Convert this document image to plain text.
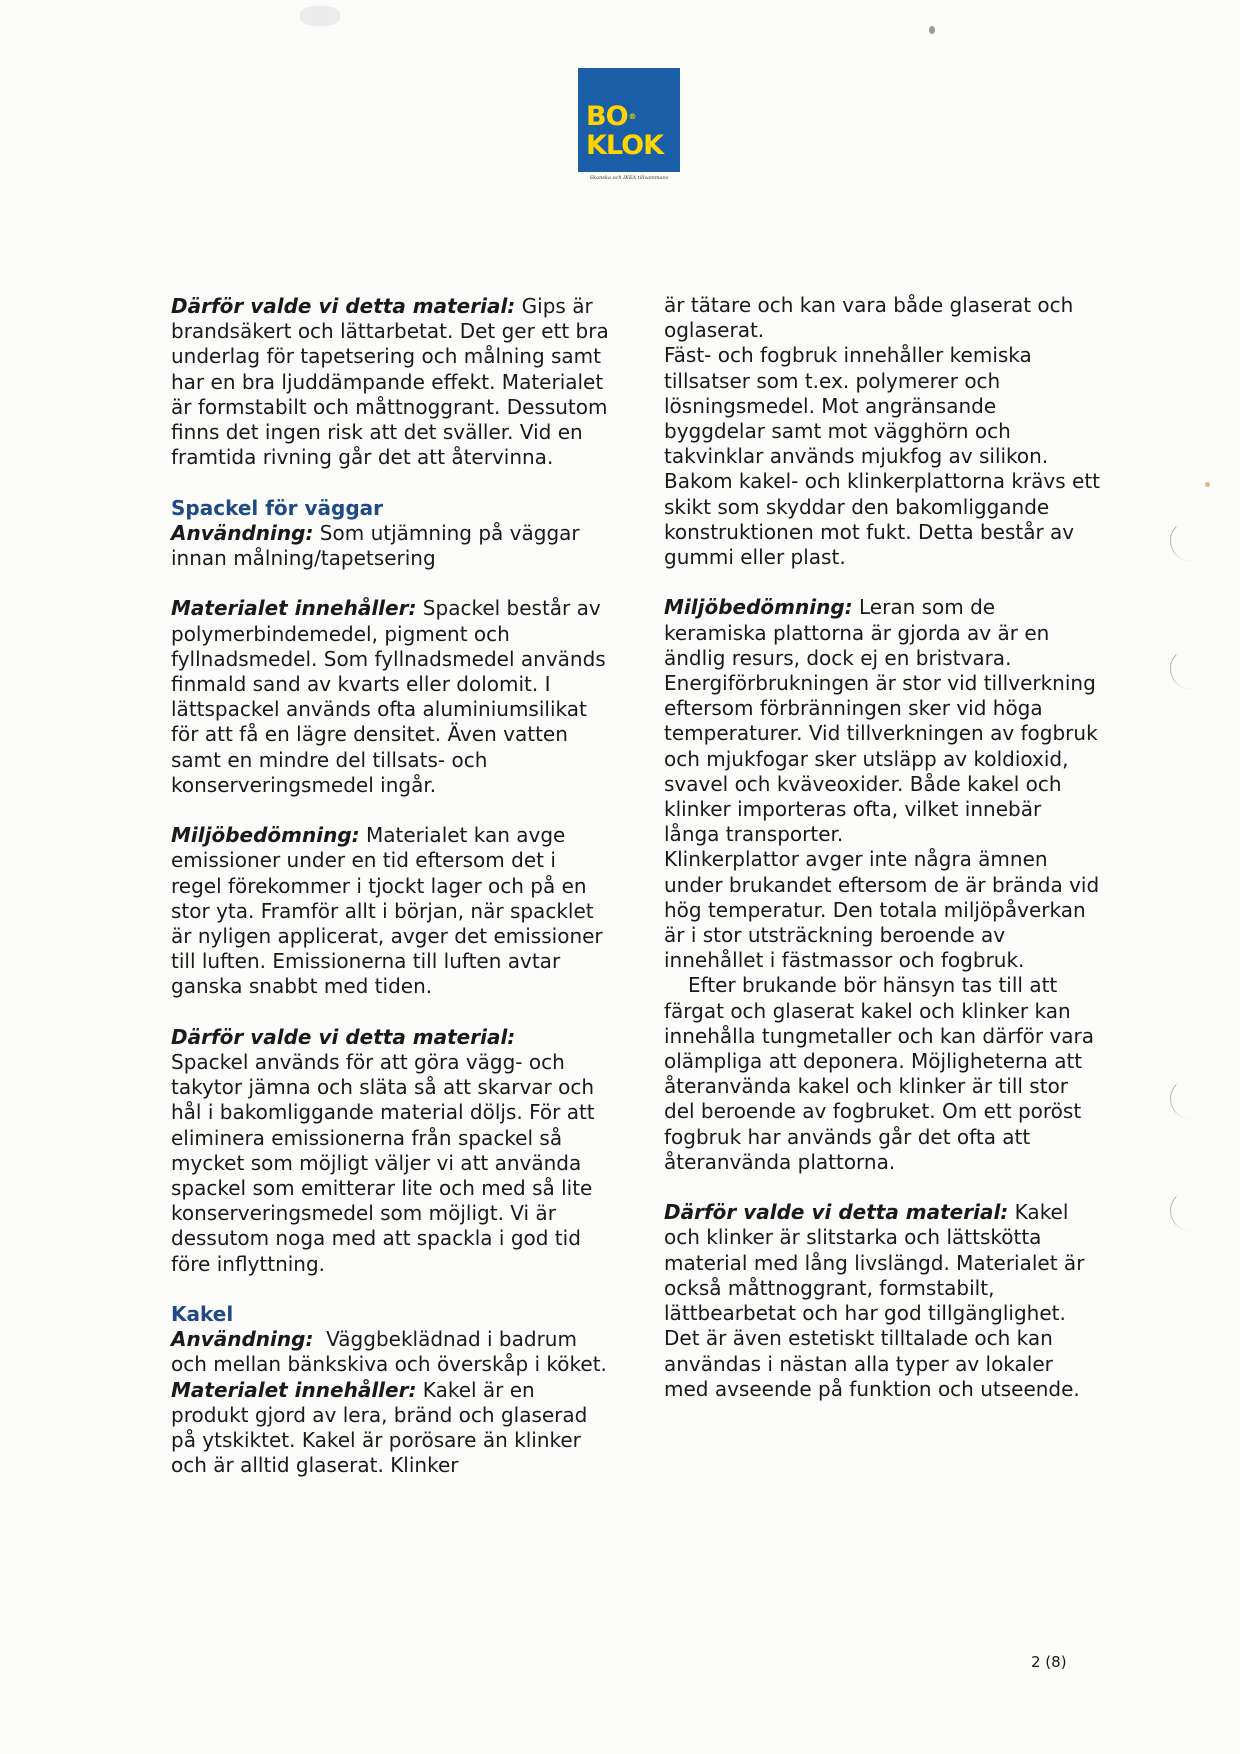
BO®
KLOK
Skanska och IKEA tillsammans
Därför valde vi detta material: Gips är brandsäkert och lättarbetat. Det ger ett bra underlag för tapetsering och målning samt har en bra ljuddämpande effekt. Materialet är formstabilt och måttnoggrant. Dessutom finns det ingen risk att det sväller. Vid en framtida rivning går det att återvinna.
Spackel för väggar
Användning: Som utjämning på väggar innan målning/tapetsering
Materialet innehåller: Spackel består av polymerbindemedel, pigment och fyllnadsmedel. Som fyllnadsmedel används finmald sand av kvarts eller dolomit. I lättspackel används ofta aluminiumsilikat för att få en lägre densitet. Även vatten samt en mindre del tillsats- och konserveringsmedel ingår.
Miljöbedömning: Materialet kan avge emissioner under en tid eftersom det i regel förekommer i tjockt lager och på en stor yta. Framför allt i början, när spacklet är nyligen applicerat, avger det emissioner till luften. Emissionerna till luften avtar ganska snabbt med tiden.
Därför valde vi detta material:
Spackel används för att göra vägg- och takytor jämna och släta så att skarvar och hål i bakomliggande material döljs. För att eliminera emissionerna från spackel så mycket som möjligt väljer vi att använda spackel som emitterar lite och med så lite konserveringsmedel som möjligt. Vi är dessutom noga med att spackla i god tid före inflyttning.
Kakel
Användning:  Väggbeklädnad i badrum och mellan bänkskiva och överskåp i köket.
Materialet innehåller: Kakel är en produkt gjord av lera, bränd och glaserad på ytskiktet. Kakel är porösare än klinker och är alltid glaserat. Klinker
är tätare och kan vara både glaserat och oglaserat.
Fäst- och fogbruk innehåller kemiska tillsatser som t.ex. polymerer och lösningsmedel. Mot angränsande byggdelar samt mot vägghörn och takvinklar används mjukfog av silikon. Bakom kakel- och klinkerplattorna krävs ett skikt som skyddar den bakomliggande konstruktionen mot fukt. Detta består av gummi eller plast.
Miljöbedömning: Leran som de keramiska plattorna är gjorda av är en ändlig resurs, dock ej en bristvara. Energiförbrukningen är stor vid tillverkning eftersom förbränningen sker vid höga temperaturer. Vid tillverkningen av fogbruk och mjukfogar sker utsläpp av koldioxid, svavel och kväveoxider. Både kakel och klinker importeras ofta, vilket innebär långa transporter.
Klinkerplattor avger inte några ämnen under brukandet eftersom de är brända vid hög temperatur. Den totala miljöpåverkan är i stor utsträckning beroende av innehållet i fästmassor och fogbruk.
Efter brukande bör hänsyn tas till att färgat och glaserat kakel och klinker kan innehålla tungmetaller och kan därför vara olämpliga att deponera. Möjligheterna att återanvända kakel och klinker är till stor del beroende av fogbruket. Om ett poröst fogbruk har används går det ofta att återanvända plattorna.
Därför valde vi detta material: Kakel och klinker är slitstarka och lättskötta material med lång livslängd. Materialet är också måttnoggrant, formstabilt, lättbearbetat och har god tillgänglighet. Det är även estetiskt tilltalade och kan användas i nästan alla typer av lokaler med avseende på funktion och utseende.
2 (8)
